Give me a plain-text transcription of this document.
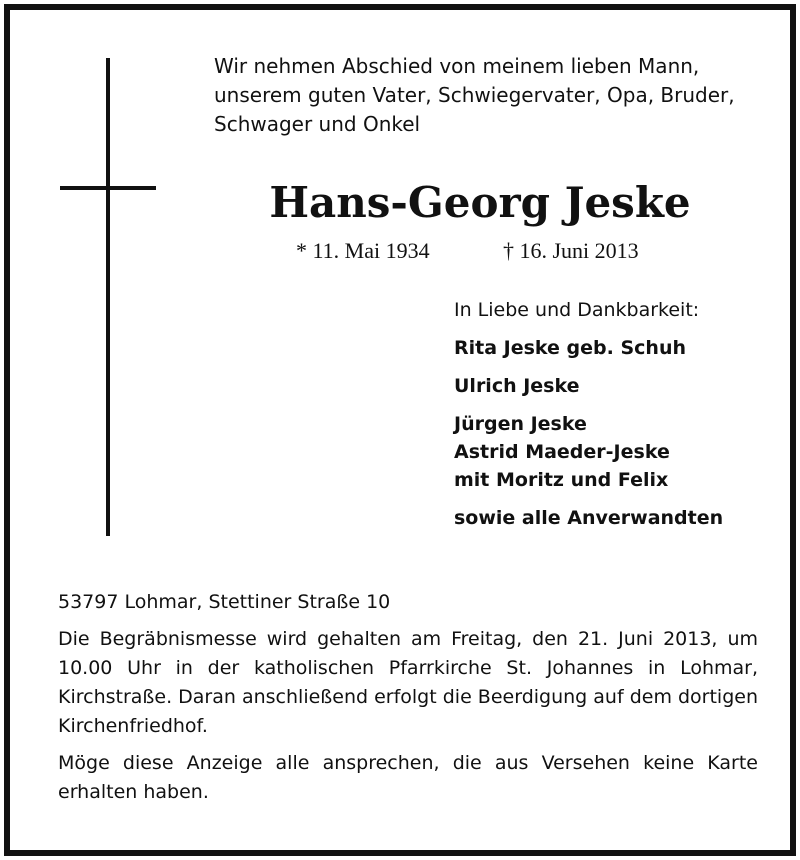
Wir nehmen Abschied von meinem lieben Mann, unserem guten Vater, Schwiegervater, Opa, Bruder, Schwager und Onkel

Hans-Georg Jeske

* 11. Mai 1934	† 16. Juni 2013

In Liebe und Dankbarkeit:

Rita Jeske geb. Schuh

Ulrich Jeske

Jürgen Jeske

Astrid Maeder-Jeske

mit Moritz und Felix

sowie alle Anverwandten

53797 Lohmar, Stettiner Straße 10

Die Begräbnismesse wird gehalten am Freitag, den 21. Juni 2013, um 10.00 Uhr in der katholischen Pfarrkirche St. Johannes in Lohmar, Kirchstraße. Daran anschließend erfolgt die Beerdigung auf dem dortigen Kirchenfriedhof.

Möge diese Anzeige alle ansprechen, die aus Versehen keine Karte erhalten haben.
